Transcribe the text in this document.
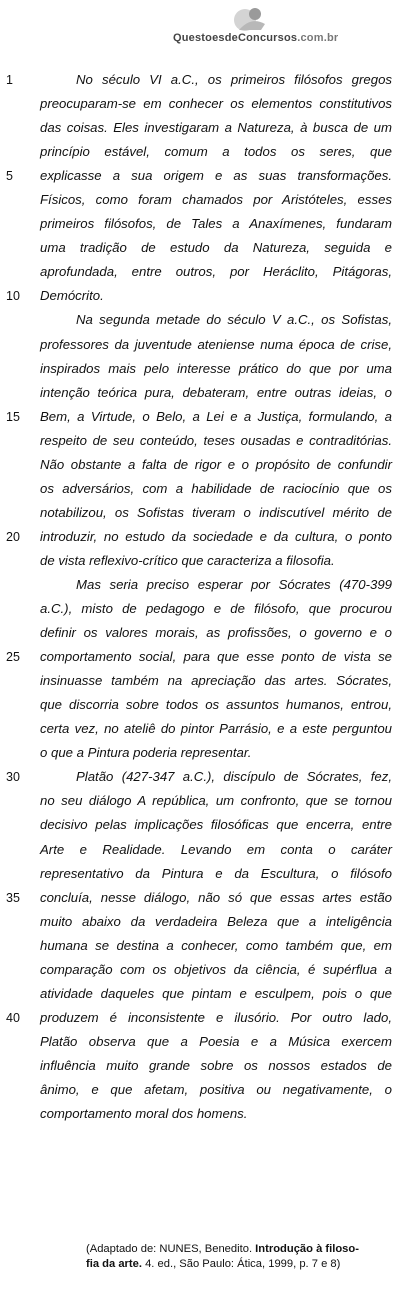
QuestoesdeConcursos.com.br
1	No século VI a.C., os primeiros filósofos gregos
preocuparam-se em conhecer os elementos constitutivos
das coisas. Eles investigaram a Natureza, à busca de um
princípio estável, comum a todos os seres, que
5 explicasse a sua origem e as suas transformações.
Físicos, como foram chamados por Aristóteles, esses
primeiros filósofos, de Tales a Anaxímenes, fundaram
uma tradição de estudo da Natureza, seguida e
aprofundada, entre outros, por Heráclito, Pitágoras,
10 Demócrito.
Na segunda metade do século V a.C., os Sofistas,
professores da juventude ateniense numa época de crise,
inspirados mais pelo interesse prático do que por uma
intenção teórica pura, debateram, entre outras ideias, o
15 Bem, a Virtude, o Belo, a Lei e a Justiça, formulando, a
respeito de seu conteúdo, teses ousadas e contraditórias.
Não obstante a falta de rigor e o propósito de confundir
os adversários, com a habilidade de raciocínio que os
notabilizou, os Sofistas tiveram o indiscutível mérito de
20 introduzir, no estudo da sociedade e da cultura, o ponto
de vista reflexivo-crítico que caracteriza a filosofia.
Mas seria preciso esperar por Sócrates (470-399
a.C.), misto de pedagogo e de filósofo, que procurou
definir os valores morais, as profissões, o governo e o
25 comportamento social, para que esse ponto de vista se
insinuasse também na apreciação das artes. Sócrates,
que discorria sobre todos os assuntos humanos, entrou,
certa vez, no ateliê do pintor Parrásio, e a este perguntou
o que a Pintura poderia representar.
30	Platão (427-347 a.C.), discípulo de Sócrates, fez,
no seu diálogo A república, um confronto, que se tornou
decisivo pelas implicações filosóficas que encerra, entre
Arte e Realidade. Levando em conta o caráter
representativo da Pintura e da Escultura, o filósofo
35 concluía, nesse diálogo, não só que essas artes estão
muito abaixo da verdadeira Beleza que a inteligência
humana se destina a conhecer, como também que, em
comparação com os objetivos da ciência, é supérflua a
atividade daqueles que pintam e esculpem, pois o que
40 produzem é inconsistente e ilusório. Por outro lado,
Platão observa que a Poesia e a Música exercem
influência muito grande sobre os nossos estados de
ânimo, e que afetam, positiva ou negativamente, o
comportamento moral dos homens.
(Adaptado de: NUNES, Benedito. Introdução à filoso-
fia da arte. 4. ed., São Paulo: Ática, 1999, p. 7 e 8)
